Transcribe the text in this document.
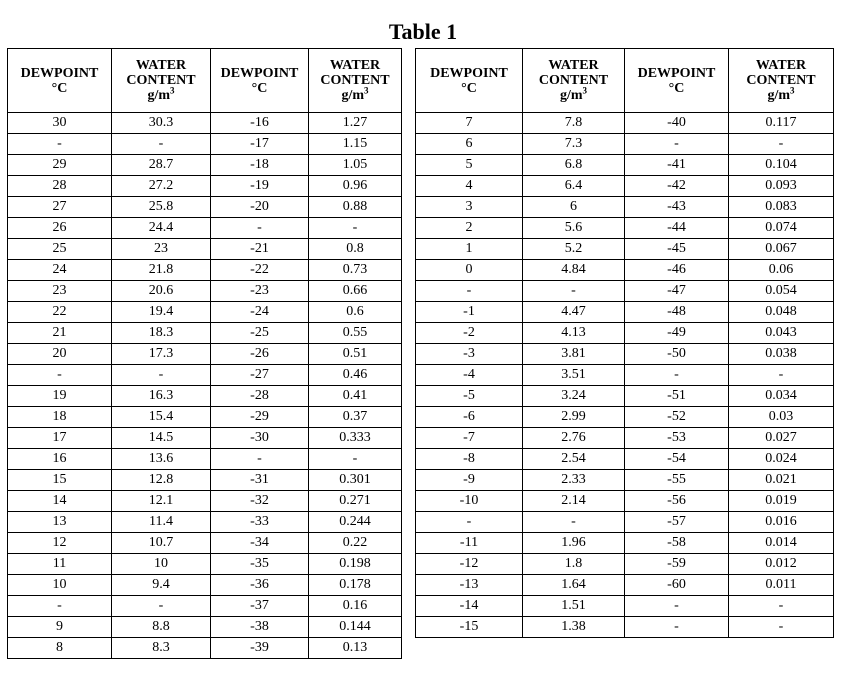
Table 1
DEWPOINT
°C	WATER
CONTENT
$g/m^3$	DEWPOINT
°C	WATER
CONTENT
$g/m^3$
30	30.3	-16	1.27
-	-	-17	1.15
29	28.7	-18	1.05
28	27.2	-19	0.96
27	25.8	-20	0.88
26	24.4	-	-
25	23	-21	0.8
24	21.8	-22	0.73
23	20.6	-23	0.66
22	19.4	-24	0.6
21	18.3	-25	0.55
20	17.3	-26	0.51
-	-	-27	0.46
19	16.3	-28	0.41
18	15.4	-29	0.37
17	14.5	-30	0.333
16	13.6	-	-
15	12.8	-31	0.301
14	12.1	-32	0.271
13	11.4	-33	0.244
12	10.7	-34	0.22
11	10	-35	0.198
10	9.4	-36	0.178
-	-	-37	0.16
9	8.8	-38	0.144
8	8.3	-39	0.13
DEWPOINT
°C	WATER
CONTENT
$g/m^3$	DEWPOINT
°C	WATER
CONTENT
$g/m^3$
7	7.8	-40	0.117
6	7.3	-	-
5	6.8	-41	0.104
4	6.4	-42	0.093
3	6	-43	0.083
2	5.6	-44	0.074
1	5.2	-45	0.067
0	4.84	-46	0.06
-	-	-47	0.054
-1	4.47	-48	0.048
-2	4.13	-49	0.043
-3	3.81	-50	0.038
-4	3.51	-	-
-5	3.24	-51	0.034
-6	2.99	-52	0.03
-7	2.76	-53	0.027
-8	2.54	-54	0.024
-9	2.33	-55	0.021
-10	2.14	-56	0.019
-	-	-57	0.016
-11	1.96	-58	0.014
-12	1.8	-59	0.012
-13	1.64	-60	0.011
-14	1.51	-	-
-15	1.38	-	-
